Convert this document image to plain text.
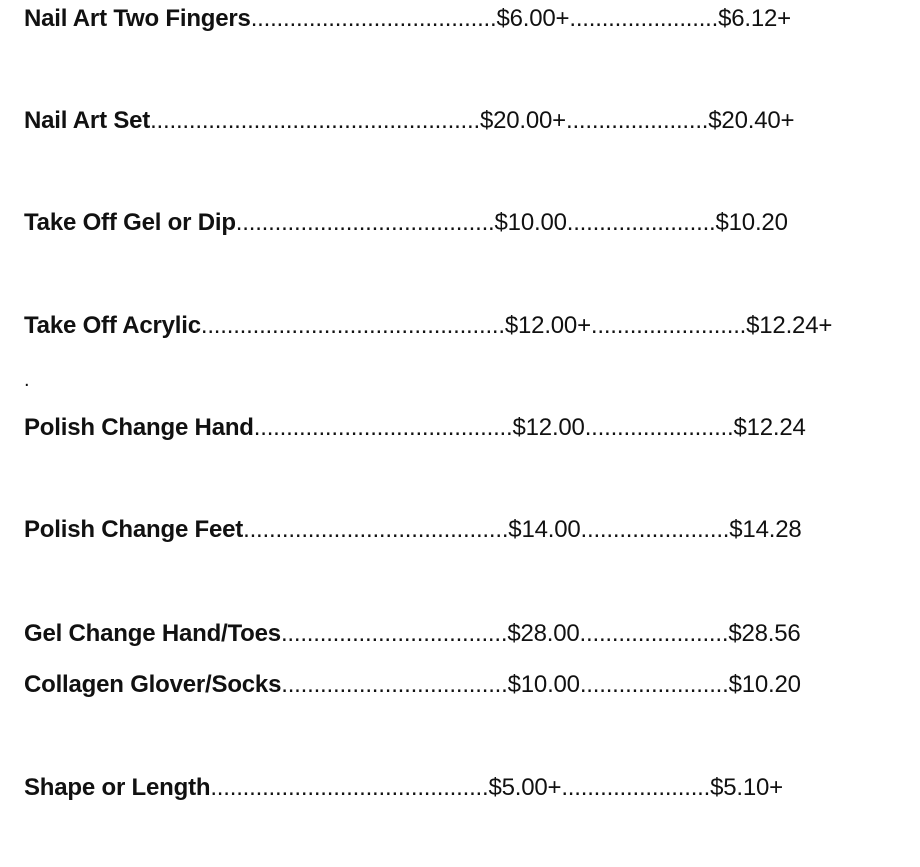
Nail Art Two Fingers......................................$6.00+.......................$6.12+
Nail Art Set...................................................$20.00+......................$20.40+
Take Off Gel or Dip........................................$10.00.......................$10.20
Take Off Acrylic...............................................$12.00+........................$12.24+
.
Polish Change Hand........................................$12.00.......................$12.24
Polish Change Feet.........................................$14.00.......................$14.28
Gel Change Hand/Toes...................................$28.00.......................$28.56
Collagen Glover/Socks...................................$10.00.......................$10.20
Shape or Length...........................................$5.00+.......................$5.10+
